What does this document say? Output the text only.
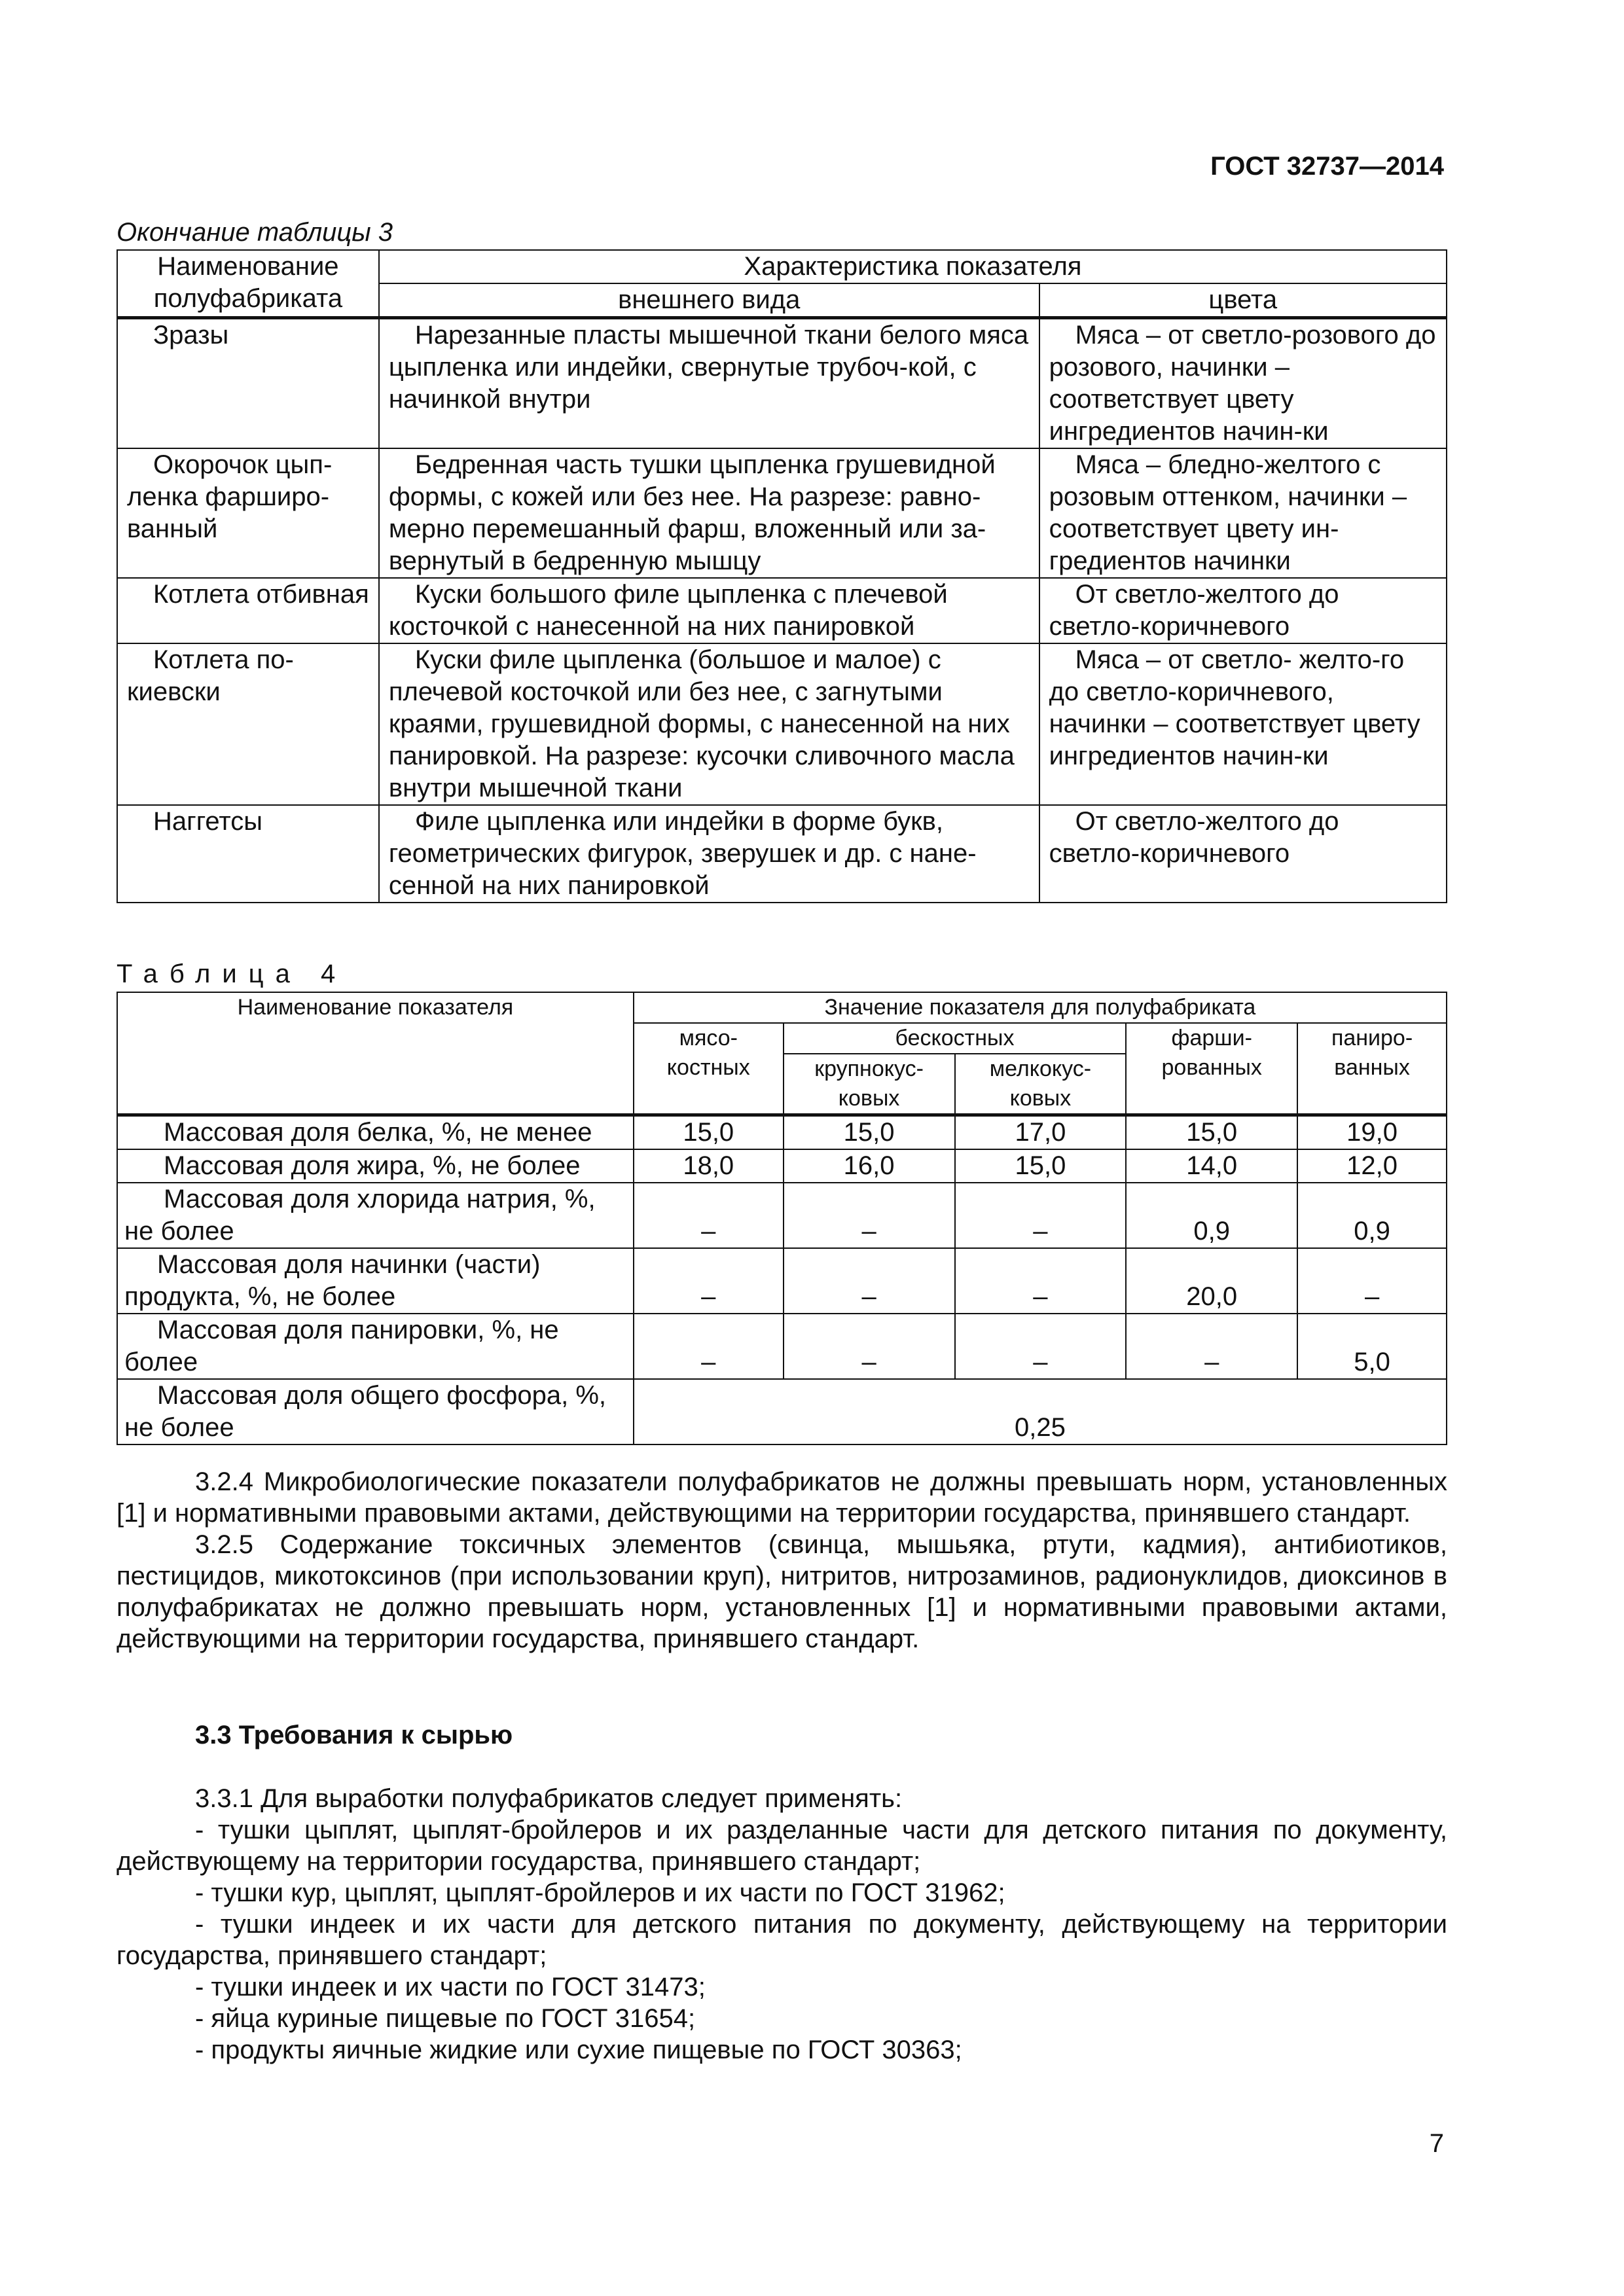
ГОСТ 32737—2014
Окончание таблицы 3
Наименование полуфабриката	Характеристика показателя	
	внешнего вида	цвета
Зразы	Нарезанные пласты мышечной ткани белого мяса цыпленка или индейки, свернутые трубоч-кой, с начинкой внутри	Мяса – от светло-розового до розового, начинки – соответствует цвету ингредиентов начин-ки
Окорочок цып-ленка фарширо-ванный	Бедренная часть тушки цыпленка грушевидной формы, с кожей или без нее. На разрезе: равно-мерно перемешанный фарш, вложенный или за-вернутый в бедренную мышцу	Мяса – бледно-желтого с розовым оттенком, начинки – соответствует цвету ин-гредиентов начинки
Котлета отбивная	Куски большого филе цыпленка с плечевой косточкой с нанесенной на них панировкой	От светло-желтого до светло-коричневого
Котлета по-киевски	Куски филе цыпленка (большое и малое) с плечевой косточкой или без нее, с загнутыми краями, грушевидной формы, с нанесенной на них панировкой. На разрезе: кусочки сливочного масла внутри мышечной ткани	Мяса – от светло- желто-го до светло-коричневого, начинки – соответствует цвету ингредиентов начин-ки
Наггетсы	Филе цыпленка или индейки в форме букв, геометрических фигурок, зверушек и др. с нане-сенной на них панировкой	От светло-желтого до светло-коричневого
Таблица 4
Наименование показателя	Значение показателя для полуфабриката				
	мясо-костных	бескостных		фарши-рованных	паниро-ванных
		крупнокус-ковых	мелкокус-ковых		
Массовая доля белка, %, не менее	15,0	15,0	17,0	15,0	19,0
Массовая доля жира, %, не более	18,0	16,0	15,0	14,0	12,0
Массовая доля хлорида натрия, %, не более	–	–	–	0,9	0,9
Массовая доля начинки (части) продукта, %, не более	–	–	–	20,0	–
Массовая доля панировки, %, не более	–	–	–	–	5,0
Массовая доля общего фосфора, %, не более	0,25				

3.2.4 Микробиологические показатели полуфабрикатов не должны превышать норм, установленных [1] и нормативными правовыми актами, действующими на территории государства, принявшего стандарт.

3.2.5 Содержание токсичных элементов (свинца, мышьяка, ртути, кадмия), антибиотиков, пестицидов, микотоксинов (при использовании круп), нитритов, нитрозаминов, радионуклидов, диоксинов в полуфабрикатах не должно превышать норм, установленных [1] и нормативными правовыми актами, действующими на территории государства, принявшего стандарт.

3.3 Требования к сырью

3.3.1 Для выработки полуфабрикатов следует применять:

- тушки цыплят, цыплят-бройлеров и их разделанные части для детского питания по документу, действующему на территории государства, принявшего стандарт;

- тушки кур, цыплят, цыплят-бройлеров и их части по ГОСТ 31962;

- тушки индеек и их части для детского питания по документу, действующему на территории государства, принявшего стандарт;

- тушки индеек и их части по ГОСТ 31473;

- яйца куриные пищевые по ГОСТ 31654;

- продукты яичные жидкие или сухие пищевые по ГОСТ 30363;

7
